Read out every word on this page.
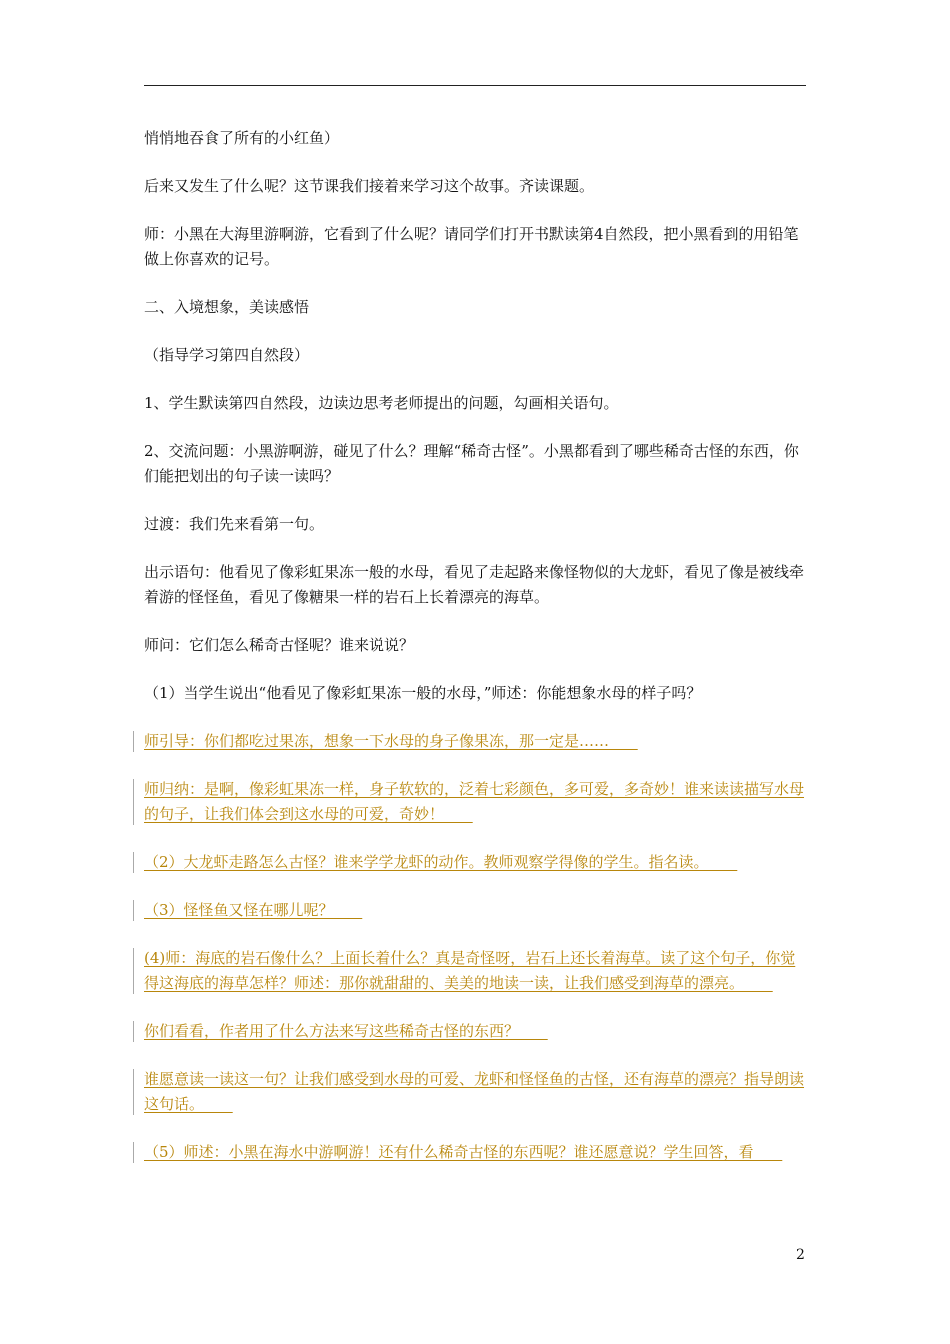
悄悄地吞食了所有的小红鱼）

后来又发生了什么呢？这节课我们接着来学习这个故事。齐读课题。

师：小黑在大海里游啊游，它看到了什么呢？请同学们打开书默读第4自然段，把小黑看到的用铅笔做上你喜欢的记号。

二、入境想象，美读感悟

（指导学习第四自然段）

1、学生默读第四自然段，边读边思考老师提出的问题，勾画相关语句。

2、交流问题：小黑游啊游，碰见了什么？理解“稀奇古怪”。小黑都看到了哪些稀奇古怪的东西，你们能把划出的句子读一读吗？

过渡：我们先来看第一句。

出示语句：他看见了像彩虹果冻一般的水母，看见了走起路来像怪物似的大龙虾，看见了像是被线牵着游的怪怪鱼，看见了像糖果一样的岩石上长着漂亮的海草。

师问：它们怎么稀奇古怪呢？谁来说说？

（1）当学生说出“他看见了像彩虹果冻一般的水母，”师述：你能想象水母的样子吗？

师引导：你们都吃过果冻，想象一下水母的身子像果冻，那一定是……

师归纳：是啊，像彩虹果冻一样，身子软软的，泛着七彩颜色，多可爱，多奇妙！谁来读读描写水母的句子，让我们体会到这水母的可爱，奇妙！

（2）大龙虾走路怎么古怪？谁来学学龙虾的动作。教师观察学得像的学生。指名读。

（3）怪怪鱼又怪在哪儿呢？

(4)师：海底的岩石像什么？上面长着什么？真是奇怪呀，岩石上还长着海草。读了这个句子，你觉得这海底的海草怎样？师述：那你就甜甜的、美美的地读一读，让我们感受到海草的漂亮。

你们看看，作者用了什么方法来写这些稀奇古怪的东西？

谁愿意读一读这一句？让我们感受到水母的可爱、龙虾和怪怪鱼的古怪，还有海草的漂亮？指导朗读这句话。

（5）师述：小黑在海水中游啊游！还有什么稀奇古怪的东西呢？谁还愿意说？学生回答，看

2
